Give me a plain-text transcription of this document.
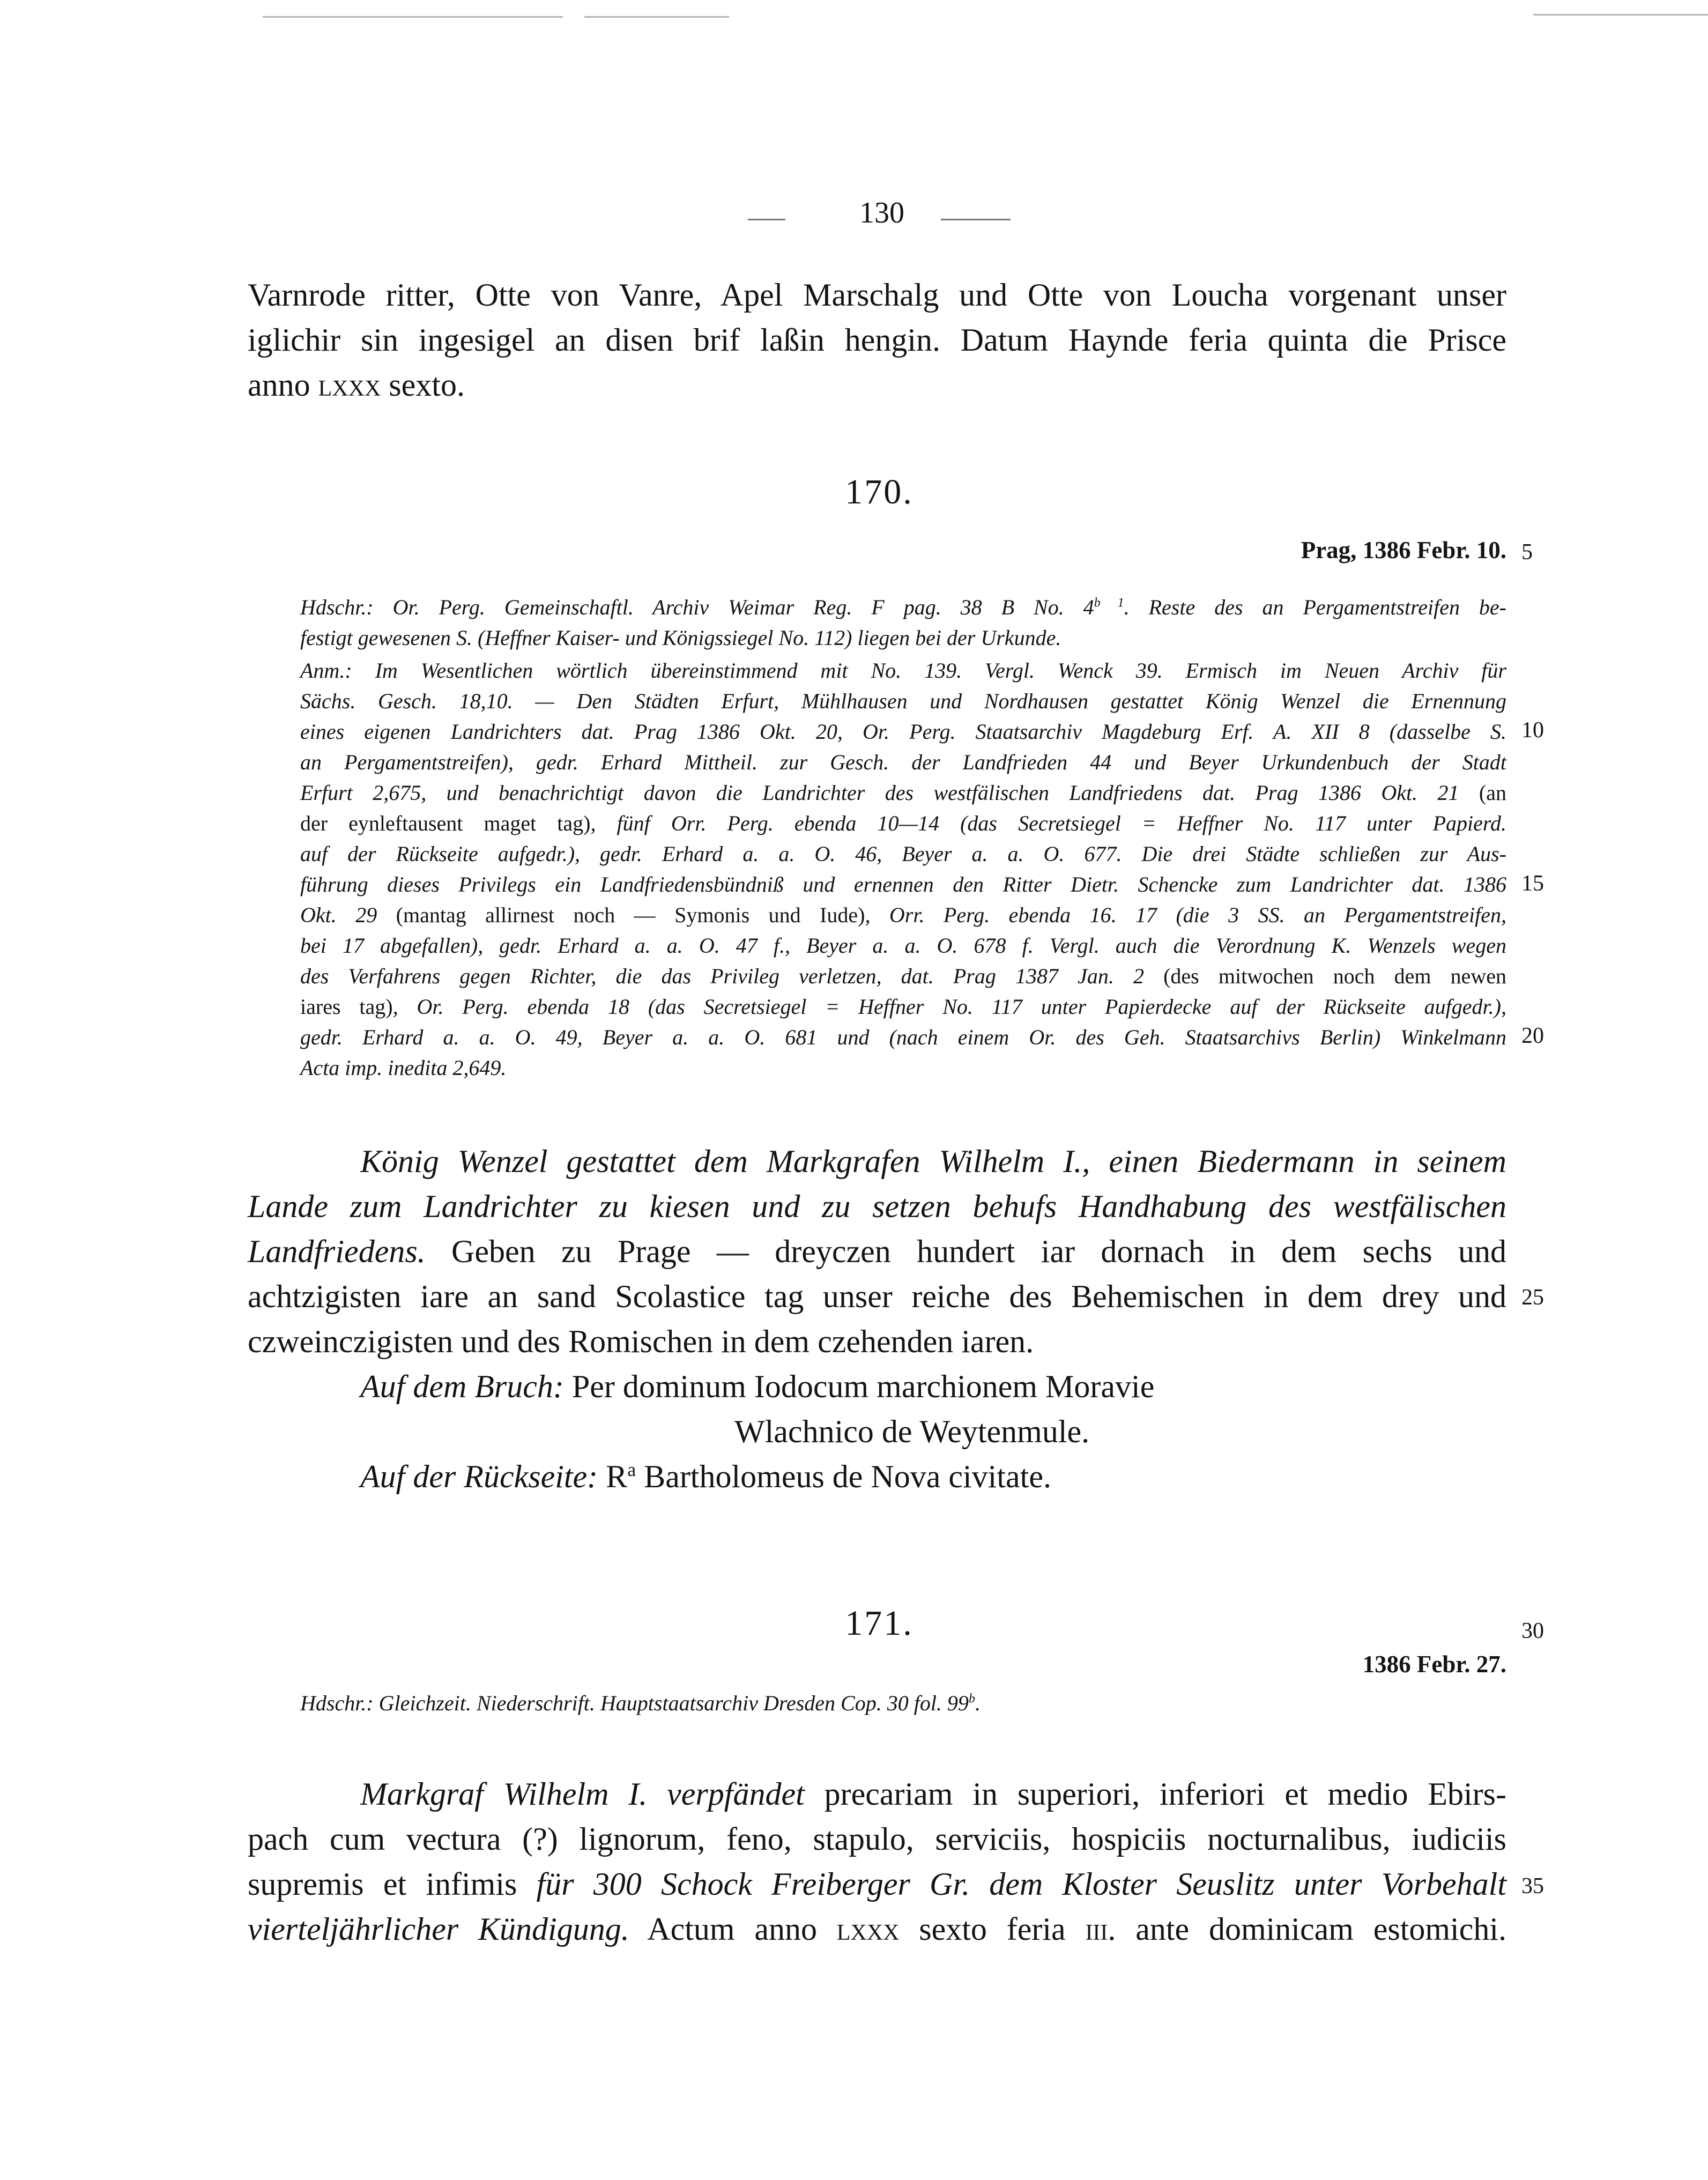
130
Varnrode ritter, Otte von Vanre, Apel Marschalg und Otte von Loucha vorgenant unser
iglichir sin ingesigel an disen brif laßin hengin. Datum Haynde feria quinta die Prisce
anno lxxx sexto.
170.
Prag, 1386 Febr. 10.
Hdschr.: Or. Perg. Gemeinschaftl. Archiv Weimar Reg. F pag. 38 B No. $4^{b 1}$. Reste des an Pergamentstreifen be-
festigt gewesenen S. (Heffner Kaiser- und Königssiegel No. 112) liegen bei der Urkunde.
Anm.: Im Wesentlichen wörtlich übereinstimmend mit No. 139. Vergl. Wenck 39. Ermisch im Neuen Archiv für
Sächs. Gesch. 18,10. — Den Städten Erfurt, Mühlhausen und Nordhausen gestattet König Wenzel die Ernennung
eines eigenen Landrichters dat. Prag 1386 Okt. 20, Or. Perg. Staatsarchiv Magdeburg Erf. A. XII 8 (dasselbe S.
an Pergamentstreifen), gedr. Erhard Mittheil. zur Gesch. der Landfrieden 44 und Beyer Urkundenbuch der Stadt
Erfurt 2,675, und benachrichtigt davon die Landrichter des westfälischen Landfriedens dat. Prag 1386 Okt. 21 (an
der eynleftausent maget tag), fünf Orr. Perg. ebenda 10—14 (das Secretsiegel = Heffner No. 117 unter Papierd.
auf der Rückseite aufgedr.), gedr. Erhard a. a. O. 46, Beyer a. a. O. 677. Die drei Städte schließen zur Aus-
führung dieses Privilegs ein Landfriedensbündniß und ernennen den Ritter Dietr. Schencke zum Landrichter dat. 1386
Okt. 29 (mantag allirnest noch — Symonis und Iude), Orr. Perg. ebenda 16. 17 (die 3 SS. an Pergamentstreifen,
bei 17 abgefallen), gedr. Erhard a. a. O. 47 f., Beyer a. a. O. 678 f. Vergl. auch die Verordnung K. Wenzels wegen
des Verfahrens gegen Richter, die das Privileg verletzen, dat. Prag 1387 Jan. 2 (des mitwochen noch dem newen
iares tag), Or. Perg. ebenda 18 (das Secretsiegel = Heffner No. 117 unter Papierdecke auf der Rückseite aufgedr.),
gedr. Erhard a. a. O. 49, Beyer a. a. O. 681 und (nach einem Or. des Geh. Staatsarchivs Berlin) Winkelmann
Acta imp. inedita 2,649.
König Wenzel gestattet dem Markgrafen Wilhelm I., einen Biedermann in seinem
Lande zum Landrichter zu kiesen und zu setzen behufs Handhabung des westfälischen
Landfriedens. Geben zu Prage — dreyczen hundert iar dornach in dem sechs und
achtzigisten iare an sand Scolastice tag unser reiche des Behemischen in dem drey und
czweinczigisten und des Romischen in dem czehenden iaren.
Auf dem Bruch: Per dominum Iodocum marchionem Moravie
Wlachnico de Weytenmule.
Auf der Rückseite: $R^a$ Bartholomeus de Nova civitate.
171.
1386 Febr. 27.
Hdschr.: Gleichzeit. Niederschrift. Hauptstaatsarchiv Dresden Cop. 30 fol. 99$^b$.
Markgraf Wilhelm I. verpfändet precariam in superiori, inferiori et medio Ebirs-
pach cum vectura (?) lignorum, feno, stapulo, serviciis, hospiciis nocturnalibus, iudiciis
supremis et infimis für 300 Schock Freiberger Gr. dem Kloster Seuslitz unter Vorbehalt
vierteljährlicher Kündigung. Actum anno lxxx sexto feria iii. ante dominicam estomichi.
5
10
15
20
25
30
35
